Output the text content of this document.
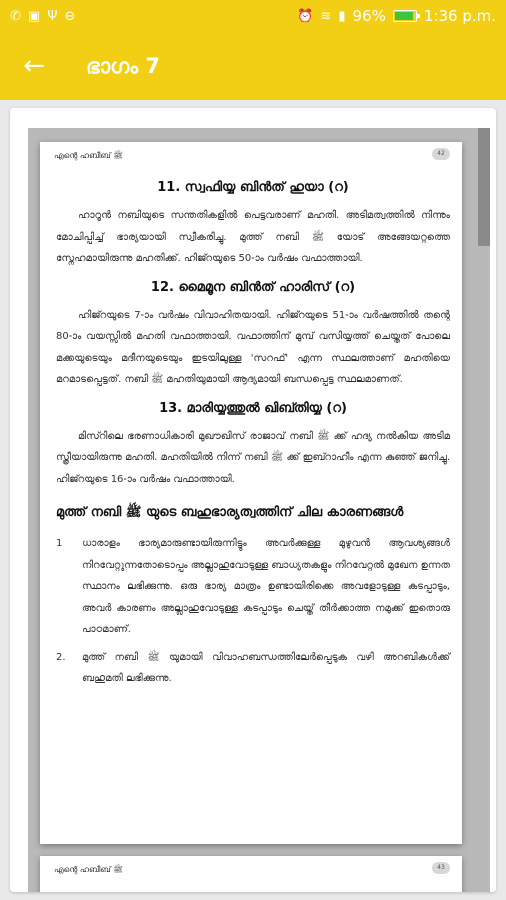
✆ ▣ Ψ ⊖	⏰ ≋ ▮ 96%	1:36 p.m.
← ഭാഗം 7
എന്റെ ഹബീബ് ﷺ	42
11. സ്വഫിയ്യ ബിൻത് ഹുയാ (റ)
ഹാറൂൻ നബിയുടെ സന്തതികളിൽ പെട്ടവരാണ് മഹതി. അടിമത്വത്തിൽ നിന്നും മോചിപ്പിച്ച് ഭാര്യയായി സ്വീകരിച്ചു. മുത്ത് നബി ﷺ യോട് അങ്ങേയറ്റത്തെ സ്നേഹമായിരുന്നു മഹതിക്ക്. ഹിജ്റയുടെ 50-ാം വർഷം വഫാത്തായി.
12. മൈമൂന ബിൻത് ഹാരിസ് (റ)
ഹിജ്റയുടെ 7-ാം വർഷം വിവാഹിതയായി. ഹിജ്റയുടെ 51-ാം വർഷത്തിൽ തന്റെ 80-ാം വയസ്സിൽ മഹതി വഫാത്തായി. വഫാത്തിന് മുമ്പ് വസിയ്യത്ത് ചെയ്തത് പോലെ മക്കയുടെയും മദീനയുടെയും ഇടയിലുള്ള 'സറഫ്' എന്ന സ്ഥലത്താണ് മഹതിയെ മറമാടപ്പെട്ടത്. നബി ﷺ മഹതിയുമായി ആദ്യമായി ബന്ധപ്പെട്ട സ്ഥലമാണത്.
13. മാരിയ്യത്തുൽ ഖിബ്തിയ്യ (റ)
മിസ്റിലെ ഭരണാധികാരി മുഖൗഖിസ് രാജാവ് നബി ﷺ ക്ക് ഹദ്യ നൽകിയ അടിമ സ്ത്രീയായിരുന്നു മഹതി. മഹതിയിൽ നിന്ന് നബി ﷺ ക്ക് ഇബ്റാഹീം എന്ന കുഞ്ഞ് ജനിച്ചു. ഹിജ്റയുടെ 16-ാം വർഷം വഫാത്തായി.
മുത്ത് നബി ﷺ യുടെ ബഹുഭാര്യത്വത്തിന് ചില കാരണങ്ങൾ
1	ധാരാളം ഭാര്യമാരുണ്ടായിരുന്നിട്ടും അവർക്കുള്ള മുഴുവൻ ആവശ്യങ്ങൾ നിറവേറ്റുന്നതോടൊപ്പം അല്ലാഹുവോടുള്ള ബാധ്യതകളും നിറവേറ്റൽ മുഖേന ഉന്നത സ്ഥാനം ലഭിക്കുന്നു. ഒരു ഭാര്യ മാത്രം ഉണ്ടായിരിക്കെ അവളോടുള്ള കടപ്പാടും, അവർ കാരണം അല്ലാഹുവോടുള്ള കടപ്പാടും ചെയ്ത് തീർക്കാത്ത നമുക്ക് ഇതൊരു പാഠമാണ്.
2.	മുത്ത് നബി ﷺ യുമായി വിവാഹബന്ധത്തിലേർപ്പെടുക വഴി അറബികൾക്ക് ബഹുമതി ലഭിക്കുന്നു.
എന്റെ ഹബീബ് ﷺ	43
